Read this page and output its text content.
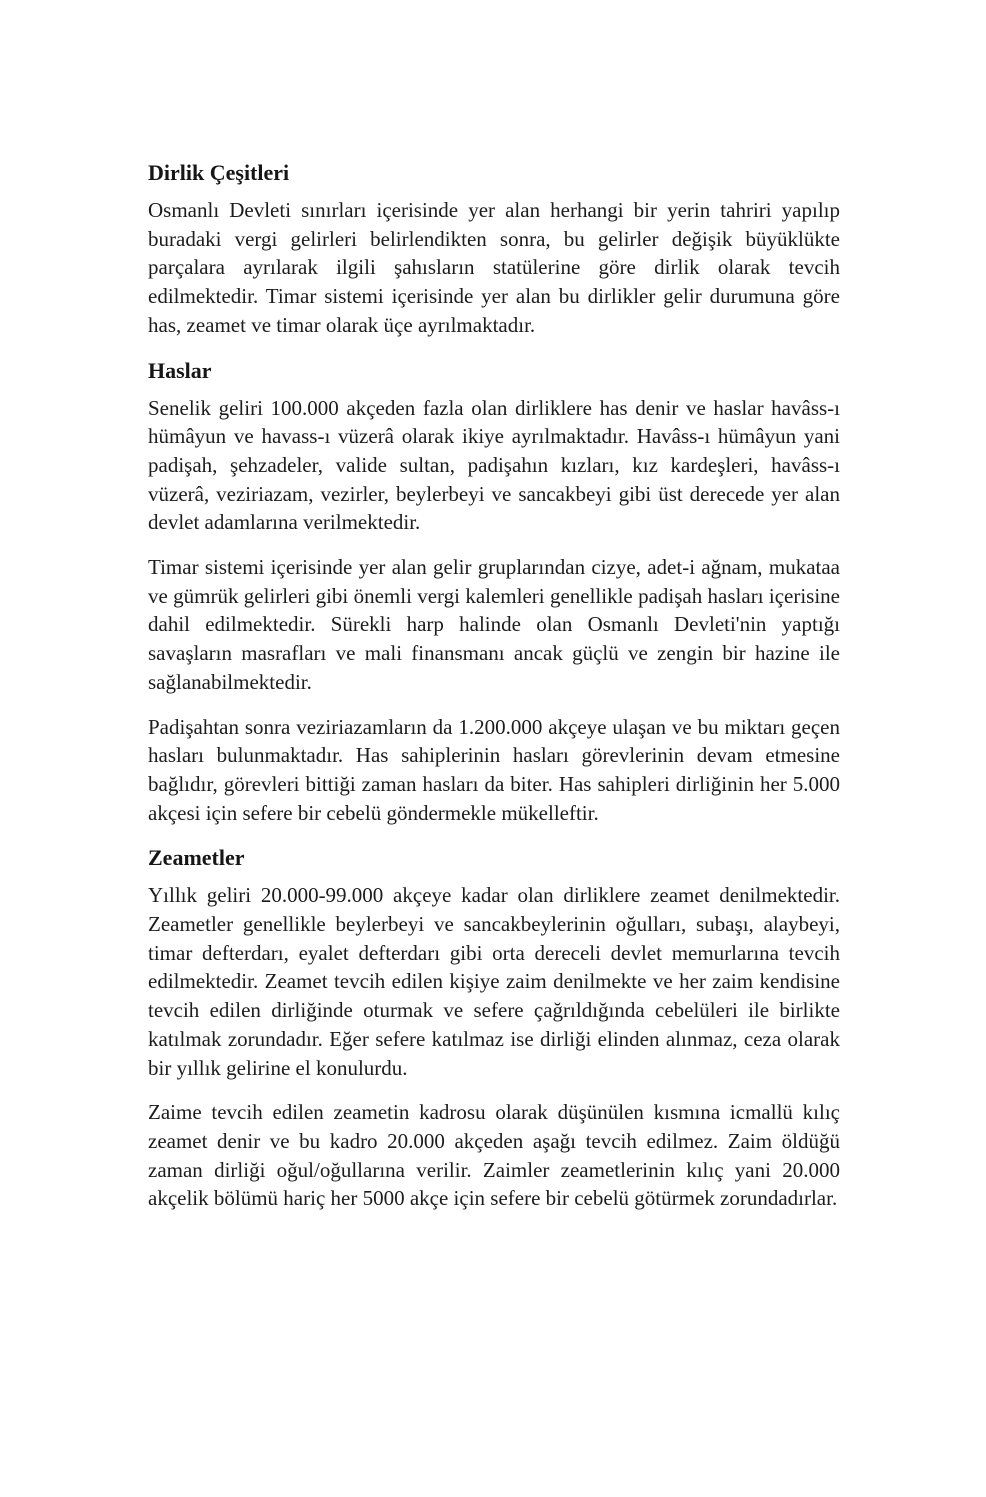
Dirlik Çeşitleri

Osmanlı Devleti sınırları içerisinde yer alan herhangi bir yerin tahriri yapılıp buradaki vergi gelirleri belirlendikten sonra, bu gelirler değişik büyüklükte parçalara ayrılarak ilgili şahısların statülerine göre dirlik olarak tevcih edilmektedir. Timar sistemi içerisinde yer alan bu dirlikler gelir durumuna göre has, zeamet ve timar olarak üçe ayrılmaktadır.

Haslar

Senelik geliri 100.000 akçeden fazla olan dirliklere has denir ve haslar havâss-ı hümâyun ve havass-ı vüzerâ olarak ikiye ayrılmaktadır. Havâss-ı hümâyun yani padişah, şehzadeler, valide sultan, padişahın kızları, kız kardeşleri, havâss-ı vüzerâ, veziriazam, vezirler, beylerbeyi ve sancakbeyi gibi üst derecede yer alan devlet adamlarına verilmektedir.

Timar sistemi içerisinde yer alan gelir gruplarından cizye, adet-i ağnam, mukataa ve gümrük gelirleri gibi önemli vergi kalemleri genellikle padişah hasları içerisine dahil edilmektedir. Sürekli harp halinde olan Osmanlı Devleti'nin yaptığı savaşların masrafları ve mali finansmanı ancak güçlü ve zengin bir hazine ile sağlanabilmektedir.

Padişahtan sonra veziriazamların da 1.200.000 akçeye ulaşan ve bu miktarı geçen hasları bulunmaktadır. Has sahiplerinin hasları görevlerinin devam etmesine bağlıdır, görevleri bittiği zaman hasları da biter. Has sahipleri dirliğinin her 5.000 akçesi için sefere bir cebelü göndermekle mükelleftir.

Zeametler

Yıllık geliri 20.000-99.000 akçeye kadar olan dirliklere zeamet denilmektedir. Zeametler genellikle beylerbeyi ve sancakbeylerinin oğulları, subaşı, alaybeyi, timar defterdarı, eyalet defterdarı gibi orta dereceli devlet memurlarına tevcih edilmektedir. Zeamet tevcih edilen kişiye zaim denilmekte ve her zaim kendisine tevcih edilen dirliğinde oturmak ve sefere çağrıldığında cebelüleri ile birlikte katılmak zorundadır. Eğer sefere katılmaz ise dirliği elinden alınmaz, ceza olarak bir yıllık gelirine el konulurdu.

Zaime tevcih edilen zeametin kadrosu olarak düşünülen kısmına icmallü kılıç zeamet denir ve bu kadro 20.000 akçeden aşağı tevcih edilmez. Zaim öldüğü zaman dirliği oğul/oğullarına verilir. Zaimler zeametlerinin kılıç yani 20.000 akçelik bölümü hariç her 5000 akçe için sefere bir cebelü götürmek zorundadırlar.
